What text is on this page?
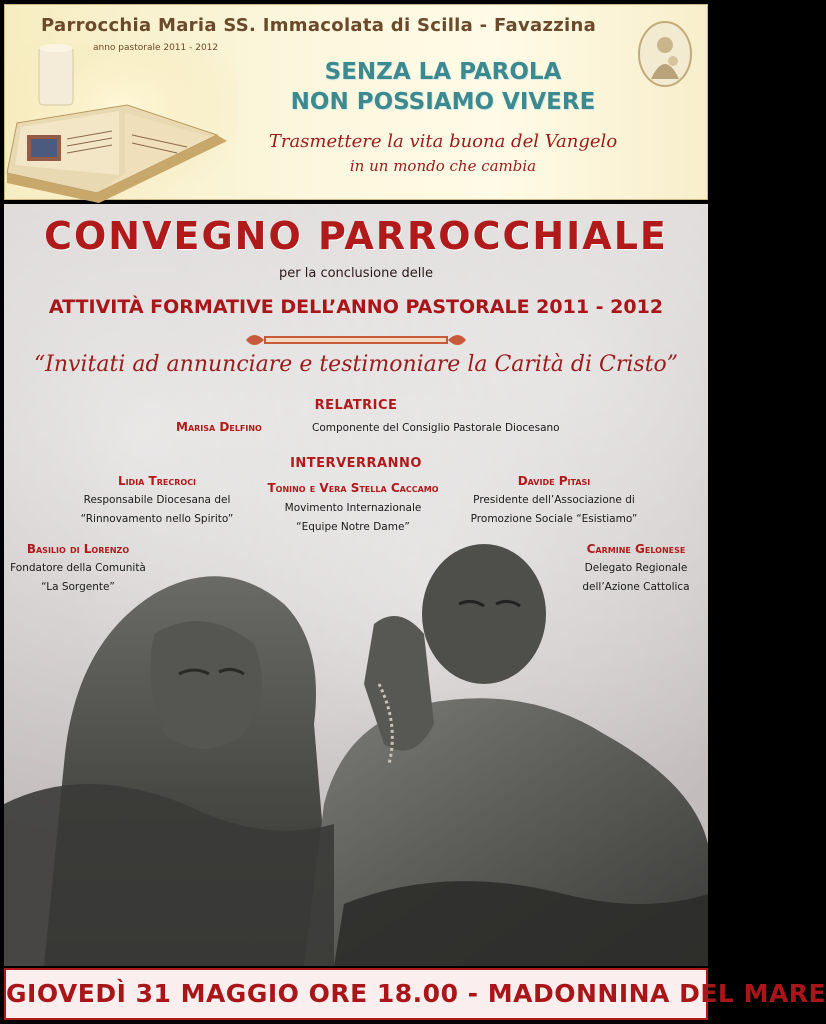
Parrocchia Maria SS. Immacolata di Scilla - Favazzina
anno pastorale 2011 - 2012
SENZA LA PAROLA
NON POSSIAMO VIVERE
Trasmettere la vita buona del Vangelo
in un mondo che cambia
CONVEGNO PARROCCHIALE
per la conclusione delle
ATTIVITÀ FORMATIVE DELL’ANNO PASTORALE 2011 - 2012
“Invitati ad annunciare e testimoniare la Carità di Cristo”
RELATRICE
Marisa Delfino	Componente del Consiglio Pastorale Diocesano
INTERVERRANNO
Lidia Trecroci
Responsabile Diocesana del
“Rinnovamento nello Spirito”
Tonino e Vera Stella Caccamo
Movimento Internazionale
“Equipe Notre Dame”
Davide Pitasi
Presidente dell’Associazione di
Promozione Sociale “Esistiamo”
Basilio di Lorenzo
Fondatore della Comunità
“La Sorgente”
Carmine Gelonese
Delegato Regionale
dell’Azione Cattolica
GIOVEDÌ 31 MAGGIO ORE 18.00 - MADONNINA DEL MARE
